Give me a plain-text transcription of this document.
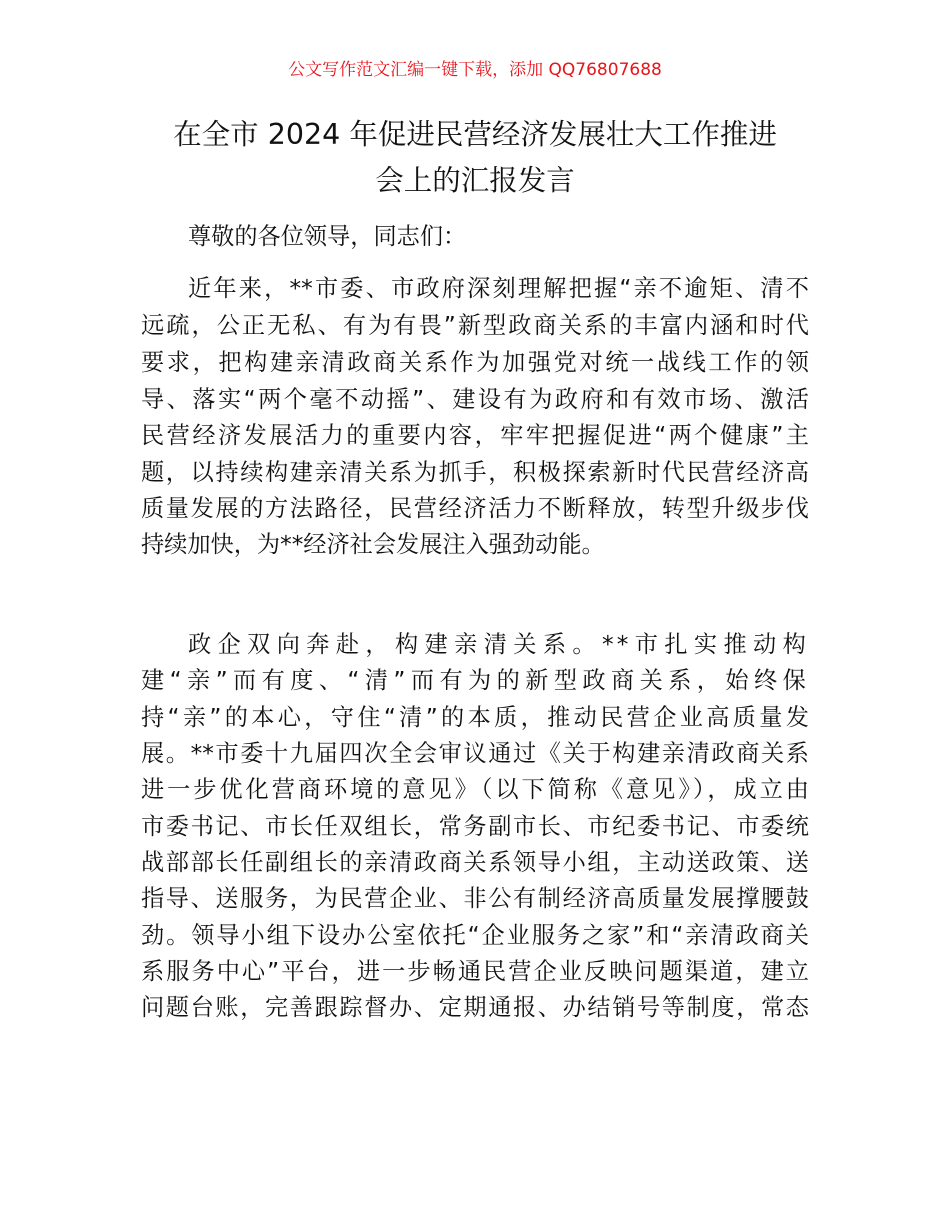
公文写作范文汇编一键下载，添加 QQ76807688
在全市 2024 年促进民营经济发展壮大工作推进
会上的汇报发言
尊敬的各位领导，同志们：
近年来，**市委、市政府深刻理解把握“亲不逾矩、清不
远疏，公正无私、有为有畏”新型政商关系的丰富内涵和时代
要求，把构建亲清政商关系作为加强党对统一战线工作的领
导、落实“两个毫不动摇”、建设有为政府和有效市场、激活
民营经济发展活力的重要内容，牢牢把握促进“两个健康”主
题，以持续构建亲清关系为抓手，积极探索新时代民营经济高
质量发展的方法路径，民营经济活力不断释放，转型升级步伐
持续加快，为**经济社会发展注入强劲动能。
政企双向奔赴，构建亲清关系。**市扎实推动构
建“亲”而有度、“清”而有为的新型政商关系，始终保
持“亲”的本心，守住“清”的本质，推动民营企业高质量发
展。**市委十九届四次全会审议通过《关于构建亲清政商关系
进一步优化营商环境的意见》（以下简称《意见》），成立由
市委书记、市长任双组长，常务副市长、市纪委书记、市委统
战部部长任副组长的亲清政商关系领导小组，主动送政策、送
指导、送服务，为民营企业、非公有制经济高质量发展撑腰鼓
劲。领导小组下设办公室依托“企业服务之家”和“亲清政商关
系服务中心”平台，进一步畅通民营企业反映问题渠道，建立
问题台账，完善跟踪督办、定期通报、办结销号等制度，常态
